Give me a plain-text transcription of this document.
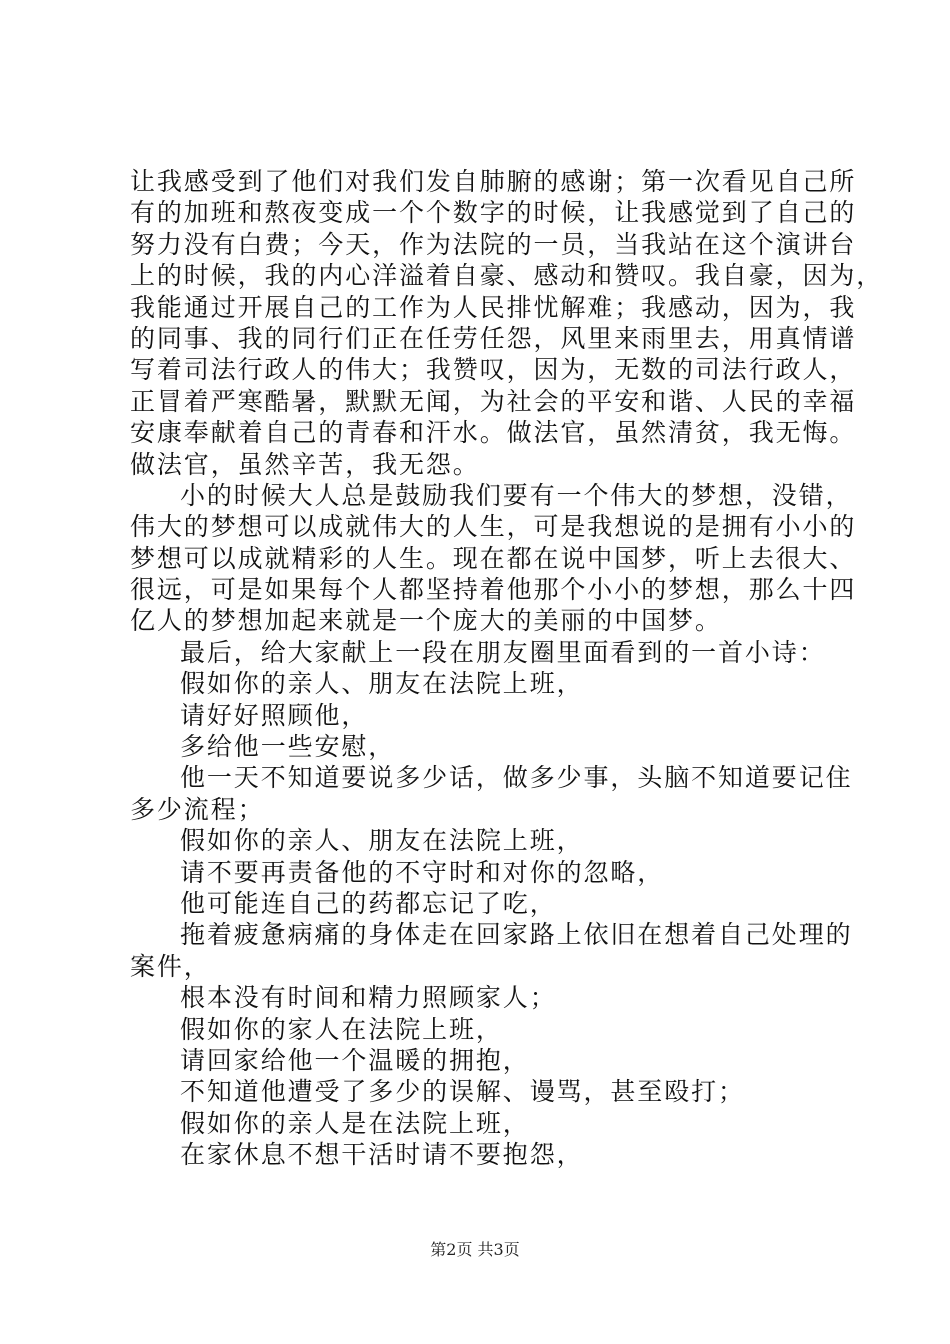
让我感受到了他们对我们发自肺腑的感谢；第一次看见自己所
有的加班和熬夜变成一个个数字的时候，让我感觉到了自己的
努力没有白费；今天，作为法院的一员，当我站在这个演讲台
上的时候，我的内心洋溢着自豪、感动和赞叹。我自豪，因为，
我能通过开展自己的工作为人民排忧解难；我感动，因为，我
的同事、我的同行们正在任劳任怨，风里来雨里去，用真情谱
写着司法行政人的伟大；我赞叹，因为，无数的司法行政人，
正冒着严寒酷暑，默默无闻，为社会的平安和谐、人民的幸福
安康奉献着自己的青春和汗水。做法官，虽然清贫，我无悔。
做法官，虽然辛苦，我无怨。
小的时候大人总是鼓励我们要有一个伟大的梦想，没错，
伟大的梦想可以成就伟大的人生，可是我想说的是拥有小小的
梦想可以成就精彩的人生。现在都在说中国梦，听上去很大、
很远，可是如果每个人都坚持着他那个小小的梦想，那么十四
亿人的梦想加起来就是一个庞大的美丽的中国梦。
最后，给大家献上一段在朋友圈里面看到的一首小诗：
假如你的亲人、朋友在法院上班，
请好好照顾他，
多给他一些安慰，
他一天不知道要说多少话，做多少事，头脑不知道要记住
多少流程；
假如你的亲人、朋友在法院上班，
请不要再责备他的不守时和对你的忽略，
他可能连自己的药都忘记了吃，
拖着疲惫病痛的身体走在回家路上依旧在想着自己处理的
案件，
根本没有时间和精力照顾家人；
假如你的家人在法院上班，
请回家给他一个温暖的拥抱，
不知道他遭受了多少的误解、谩骂，甚至殴打；
假如你的亲人是在法院上班，
在家休息不想干活时请不要抱怨，
第2页 共3页
